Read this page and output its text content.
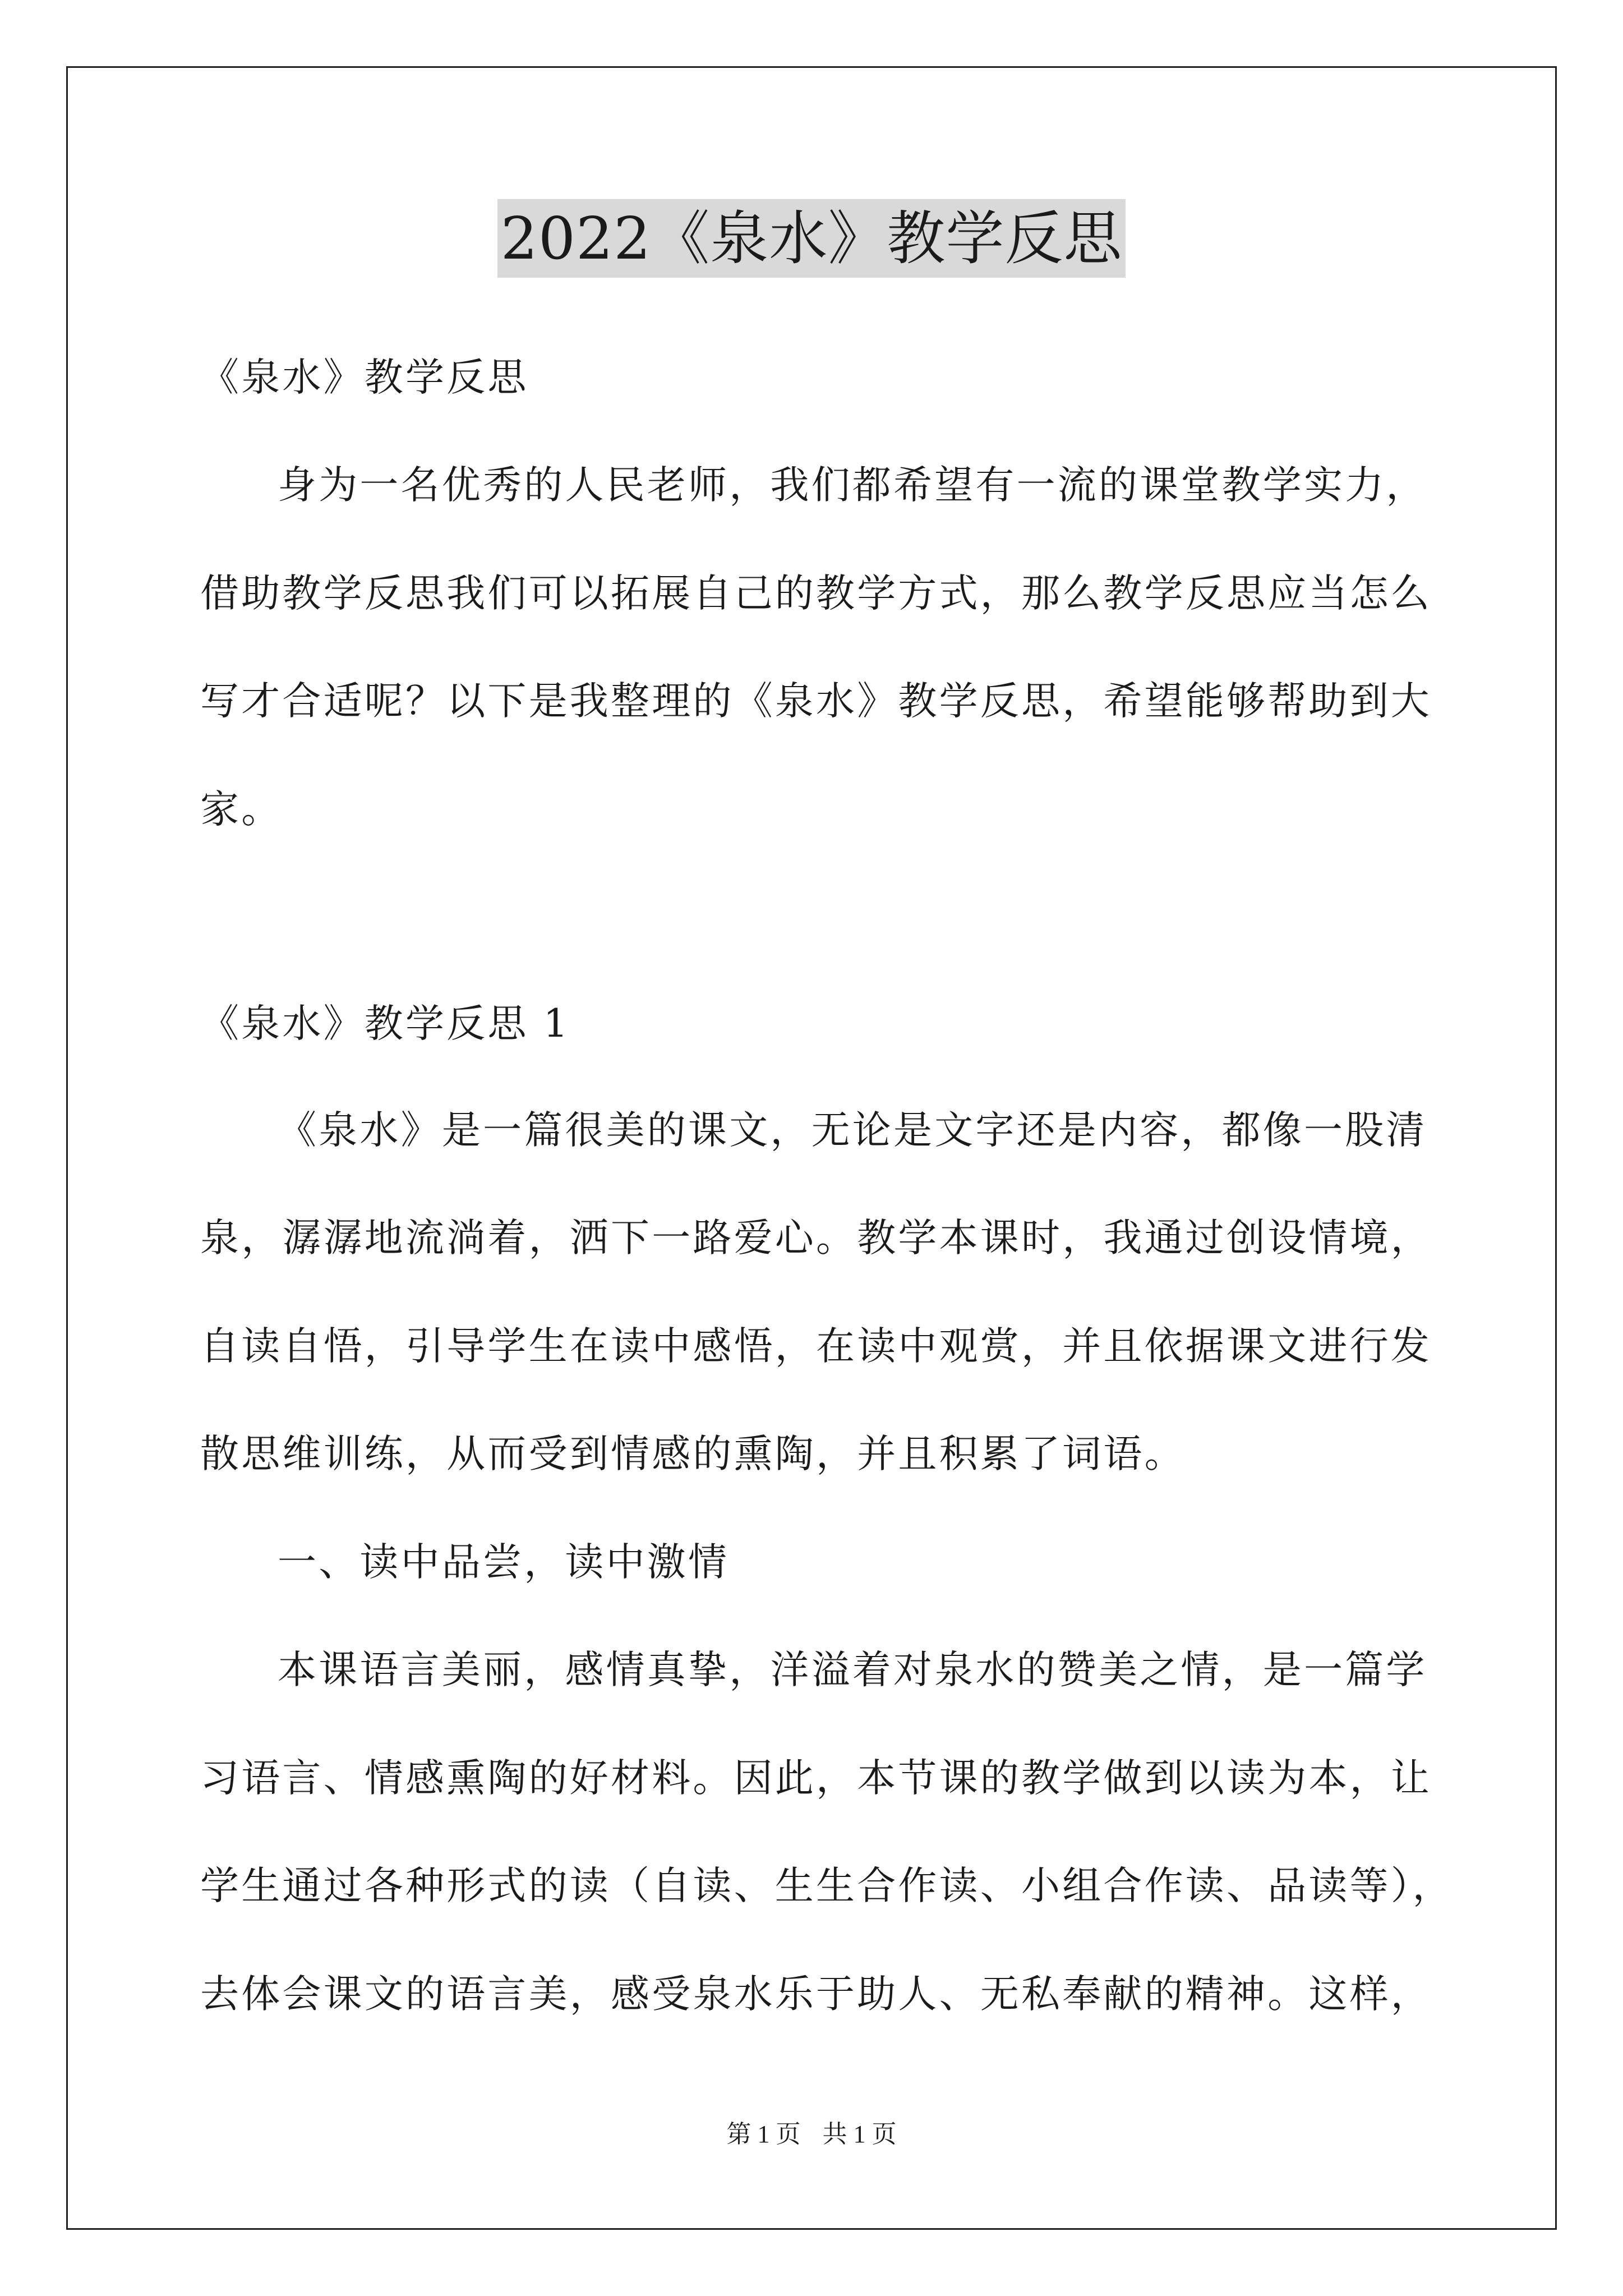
2022《泉水》教学反思
《泉水》教学反思
身为一名优秀的人民老师，我们都希望有一流的课堂教学实力，
借助教学反思我们可以拓展自己的教学方式，那么教学反思应当怎么
写才合适呢？以下是我整理的《泉水》教学反思，希望能够帮助到大
家。
《泉水》教学反思 1
《泉水》是一篇很美的课文，无论是文字还是内容，都像一股清
泉，潺潺地流淌着，洒下一路爱心。教学本课时，我通过创设情境，
自读自悟，引导学生在读中感悟，在读中观赏，并且依据课文进行发
散思维训练，从而受到情感的熏陶，并且积累了词语。
一、读中品尝，读中激情
本课语言美丽，感情真挚，洋溢着对泉水的赞美之情，是一篇学
习语言、情感熏陶的好材料。因此，本节课的教学做到以读为本，让
学生通过各种形式的读（自读、生生合作读、小组合作读、品读等），
去体会课文的语言美，感受泉水乐于助人、无私奉献的精神。这样，
第 1 页 共 1 页
